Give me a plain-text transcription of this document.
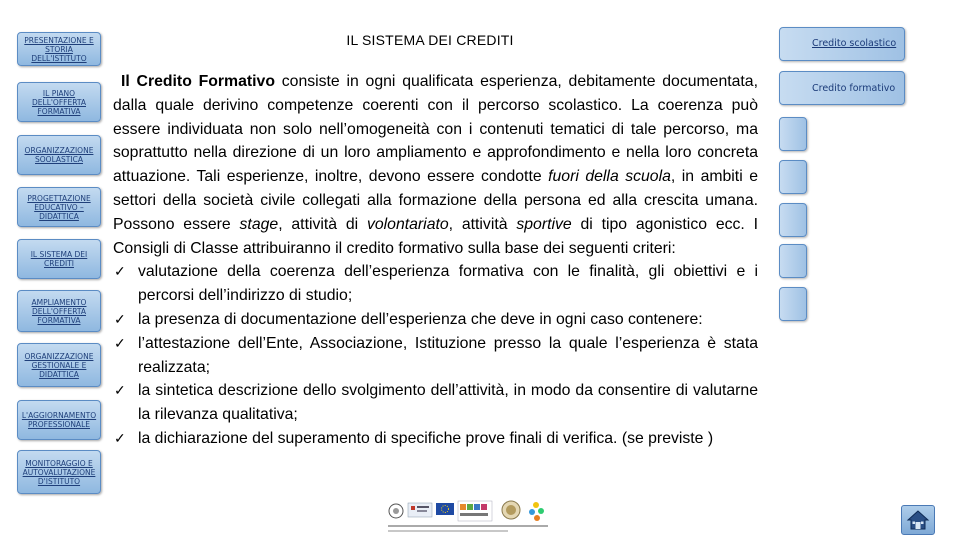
PRESENTAZIONE E STORIA DELL'ISTITUTO
IL PIANO DELL'OFFERTA FORMATIVA
ORGANIZZAZIONE SOOLASTICA
PROGETTAZIONE EDUCATIVO – DIDATTICA
IL SISTEMA DEI CREDITI
AMPLIAMENTO DELL'OFFERTA FORMATIVA
ORGANIZZAZIONE GESTIONALE E DIDATTICA
L'AGGIORNAMENTO PROFESSIONALE
MONITORAGGIO E AUTOVALUTAZIONE D'ISTITUTO
IL SISTEMA DEI CREDITI

Il Credito Formativo consiste in ogni qualificata esperienza, debitamente documentata, dalla quale derivino competenze coerenti con il percorso scolastico. La coerenza può essere individuata non solo nell’omogeneità con i contenuti tematici di tale percorso, ma soprattutto nella direzione di un loro ampliamento e approfondimento e nella loro concreta attuazione. Tali esperienze, inoltre, devono essere condotte fuori della scuola, in ambiti e settori della società civile collegati alla formazione della persona ed alla crescita umana. Possono essere stage, attività di volontariato, attività sportive di tipo agonistico ecc. I Consigli di Classe attribuiranno il credito formativo sulla base dei seguenti criteri:

✓ valutazione della coerenza dell’esperienza formativa con le finalità, gli obiettivi e i percorsi dell’indirizzo di studio;
✓ la presenza di documentazione dell’esperienza che deve in ogni caso contenere:
✓ l’attestazione dell’Ente, Associazione, Istituzione presso la quale l’esperienza è stata realizzata;
✓ la sintetica descrizione dello svolgimento dell’attività, in modo da consentire di valutarne la rilevanza qualitativa;
✓ la dichiarazione del superamento di specifiche prove finali di verifica. (se previste )
Credito scolastico
Credito formativo
